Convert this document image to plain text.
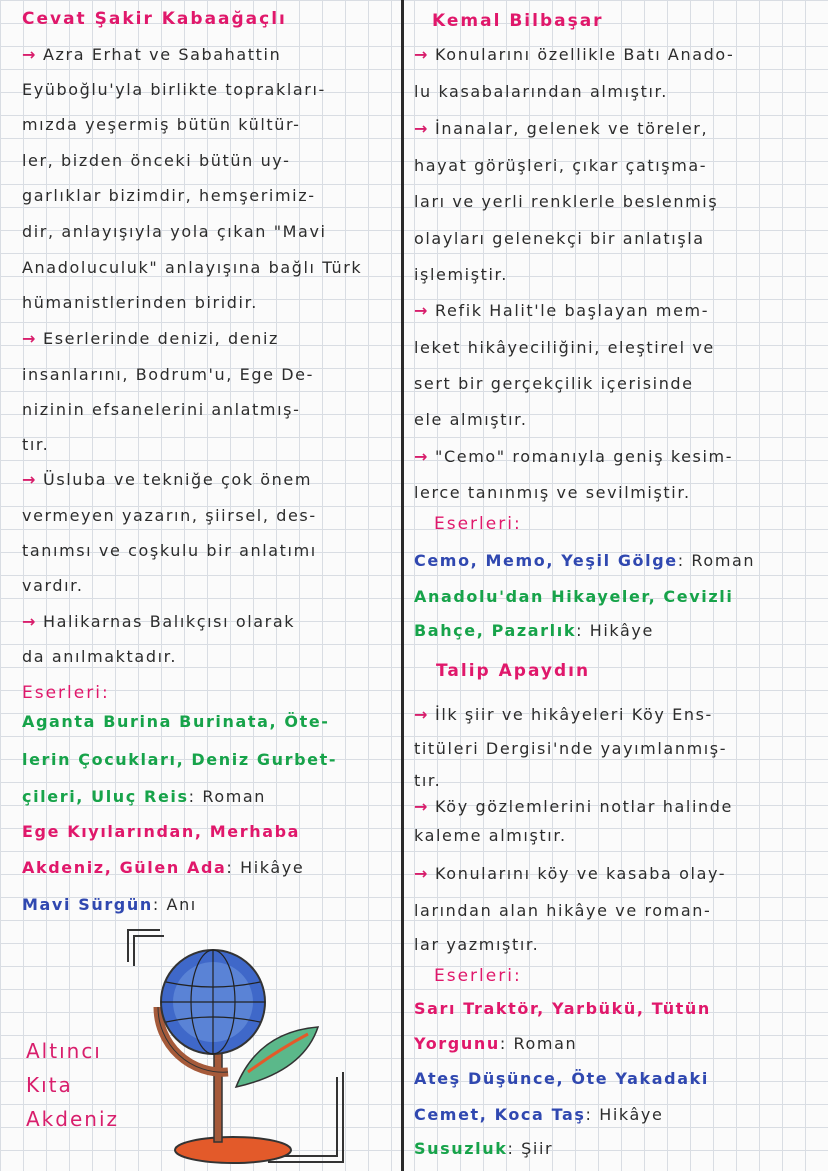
Cevat Şakir Kabaağaçlı
→ Azra Erhat ve Sabahattin
Eyüboğlu'yla birlikte toprakları-
mızda yeşermiş bütün kültür-
ler, bizden önceki bütün uy-
garlıklar bizimdir, hemşerimiz-
dir, anlayışıyla yola çıkan "Mavi
Anadoluculuk" anlayışına bağlı Türk
hümanistlerinden biridir.
→ Eserlerinde denizi, deniz
insanlarını, Bodrum'u, Ege De-
nizinin efsanelerini anlatmış-
tır.
→ Üsluba ve tekniğe çok önem
vermeyen yazarın, şiirsel, des-
tanımsı ve coşkulu bir anlatımı
vardır.
→ Halikarnas Balıkçısı olarak
da anılmaktadır.
Eserleri:
Aganta Burina Burinata, Öte-
lerin Çocukları, Deniz Gurbet-
çileri, Uluç Reis: Roman
Ege Kıyılarından, Merhaba
Akdeniz, Gülen Ada: Hikâye
Mavi Sürgün: Anı
Kemal Bilbaşar
→ Konularını özellikle Batı Anado-
lu kasabalarından almıştır.
→ İnanalar, gelenek ve töreler,
hayat görüşleri, çıkar çatışma-
ları ve yerli renklerle beslenmiş
olayları gelenekçi bir anlatışla
işlemiştir.
→ Refik Halit'le başlayan mem-
leket hikâyeciliğini, eleştirel ve
sert bir gerçekçilik içerisinde
ele almıştır.
→ "Cemo" romanıyla geniş kesim-
lerce tanınmış ve sevilmiştir.
Eserleri:
Cemo, Memo, Yeşil Gölge: Roman
Anadolu'dan Hikayeler, Cevizli
Bahçe, Pazarlık: Hikâye
Talip Apaydın
→ İlk şiir ve hikâyeleri Köy Ens-
titüleri Dergisi'nde yayımlanmış-
tır.
→ Köy gözlemlerini notlar halinde
kaleme almıştır.
→ Konularını köy ve kasaba olay-
larından alan hikâye ve roman-
lar yazmıştır.
Eserleri:
Sarı Traktör, Yarbükü, Tütün
Yorgunu: Roman
Ateş Düşünce, Öte Yakadaki
Cemet, Koca Taş: Hikâye
Susuzluk: Şiir
Altıncı
Kıta
Akdeniz
